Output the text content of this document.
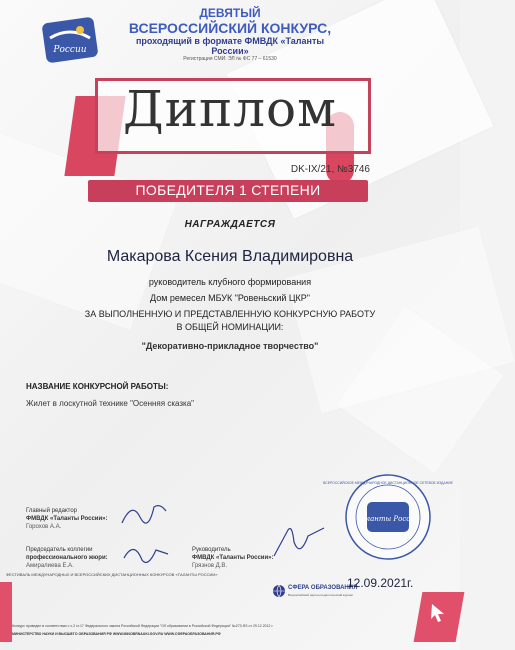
России
ДЕВЯТЫЙ
ВСЕРОССИЙСКИЙ КОНКУРС,
проходящий в формате ФМВДК «Таланты России»
Регистрация СМИ: ЭЛ № ФС 77 – 61530
Диплом
DK-IX/21, №3746
ПОБЕДИТЕЛЯ 1 СТЕПЕНИ
НАГРАЖДАЕТСЯ
Макарова Ксения Владимировна
руководитель клубного формирования
Дом ремесел МБУК "Ровеньский ЦКР"
ЗА ВЫПОЛНЕННУЮ И ПРЕДСТАВЛЕННУЮ КОНКУРСНУЮ РАБОТУ
В ОБЩЕЙ НОМИНАЦИИ:
"Декоративно-прикладное творчество"
НАЗВАНИЕ КОНКУРСНОЙ РАБОТЫ:
Жилет в лоскутной технике "Осенняя сказка"
Главный редактор
ФМВДК «Таланты России»:
Горохов А.А.
Председатель коллегии
профессионального жюри:
Амиралиева Е.А.
Руководитель
ФМВДК «Таланты России»:
Грязнов Д.В.
Таланты России
ВСЕРОССИЙСКОЕ МЕЖДУНАРОДНОЕ ДИСТАНЦИОННОЕ СЕТЕВОЕ ИЗДАНИЕ
ФЕСТИВАЛЬ МЕЖДУНАРОДНЫХ И ВСЕРОССИЙСКИХ ДИСТАНЦИОННЫХ КОНКУРСОВ «ТАЛАНТЫ РОССИИ»
СФЕРА ОБРАЗОВАНИЯ
Всероссийский научно-педагогический журнал
12.09.2021г.
Конкурс проведен в соответствии с ч.2 ст.17 Федерального закона Российской Федерации "Об образовании в Российской Федерации" №273-ФЗ от 29.12.2012 г.
МИНИСТЕРСТВО НАУКИ И ВЫСШЕГО ОБРАЗОВАНИЯ РФ WWW.MINOBRNAUKI.GOV.RU WWW.СФЕРАОБРАЗОВАНИЯ.РФ
